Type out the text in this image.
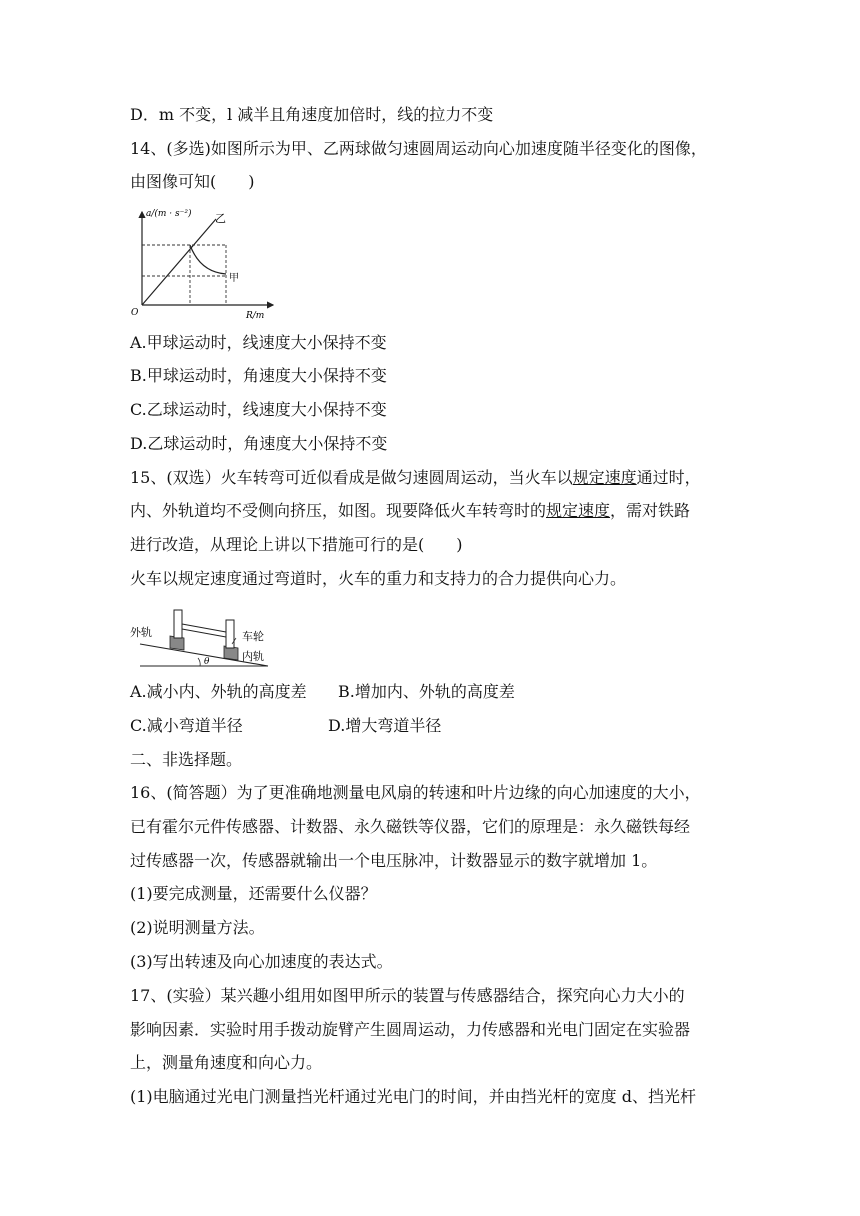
D．m 不变，l 减半且角速度加倍时，线的拉力不变
14、(多选)如图所示为甲、乙两球做匀速圆周运动向心加速度随半径变化的图像，
由图像可知(　　)
a/(m · s⁻²)
R/m
O
乙
甲
A.甲球运动时，线速度大小保持不变
B.甲球运动时，角速度大小保持不变
C.乙球运动时，线速度大小保持不变
D.乙球运动时，角速度大小保持不变
15、(双选）火车转弯可近似看成是做匀速圆周运动，当火车以规定速度通过时，
内、外轨道均不受侧向挤压，如图。现要降低火车转弯时的规定速度，需对铁路
进行改造，从理论上讲以下措施可行的是(　　)
火车以规定速度通过弯道时，火车的重力和支持力的合力提供向心力。
外轨	车轮
内轨
θ
A.减小内、外轨的高度差 B.增加内、外轨的高度差
C.减小弯道半径	D.增大弯道半径
二、非选择题。
16、(简答题）为了更准确地测量电风扇的转速和叶片边缘的向心加速度的大小，
已有霍尔元件传感器、计数器、永久磁铁等仪器，它们的原理是：永久磁铁每经
过传感器一次，传感器就输出一个电压脉冲，计数器显示的数字就增加 1。
(1)要完成测量，还需要什么仪器？
(2)说明测量方法。
(3)写出转速及向心加速度的表达式。
17、(实验）某兴趣小组用如图甲所示的装置与传感器结合，探究向心力大小的
影响因素．实验时用手拨动旋臂产生圆周运动，力传感器和光电门固定在实验器
上，测量角速度和向心力。
(1)电脑通过光电门测量挡光杆通过光电门的时间，并由挡光杆的宽度 d、挡光杆
